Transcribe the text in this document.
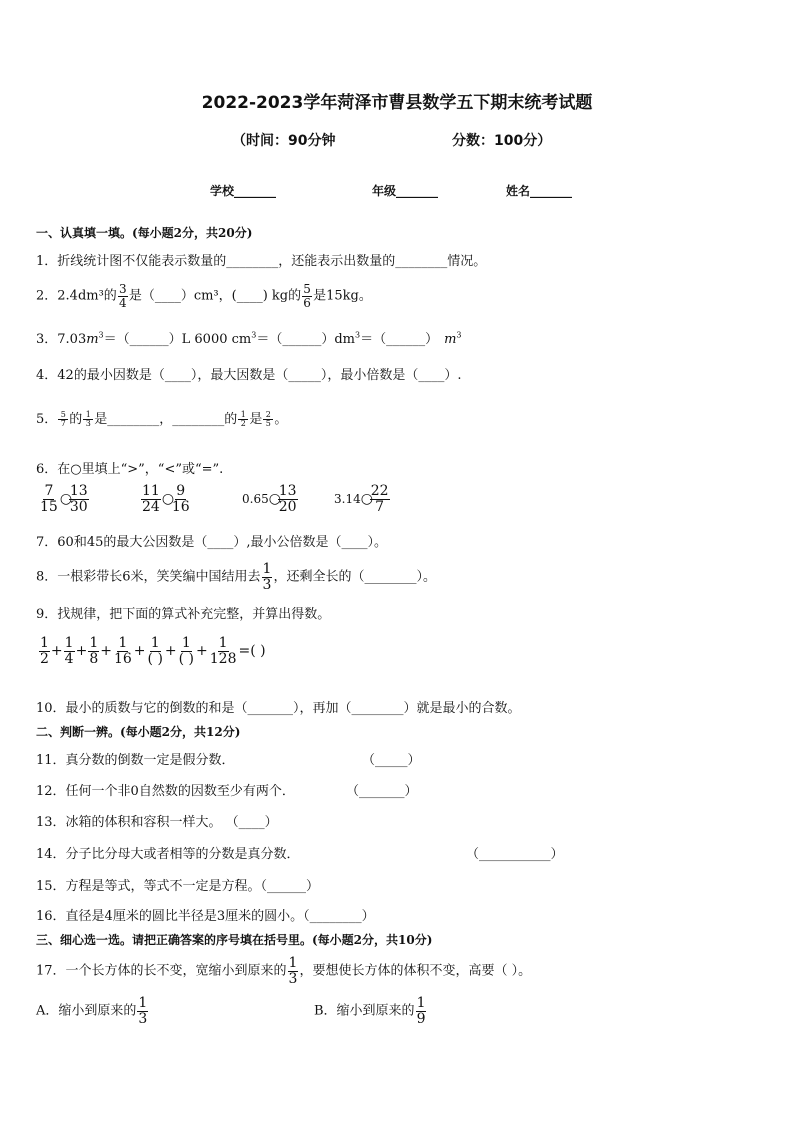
2022-2023学年菏泽市曹县数学五下期末统考试题
（时间：90分钟	分数：100分）
学校_______	年级_______	姓名_______
一、认真填一填。(每小题2分，共20分)
1．折线统计图不仅能表示数量的________，还能表示出数量的________情况。
2．2.4dm³的 $\frac{3}{4}$ 是（____）cm³，(____) kg的 $\frac{5}{6}$ 是15kg。
3．$7.03m^3=(\_\_\_\_\_\_)L$ 6000 $cm^3=(\_\_\_\_\_\_)dm^3=(\_\_\_\_\_\_)$ $m^3$
4．42的最小因数是（____），最大因数是（_____），最小倍数是（____）.
5． $\frac{5}{7}$ 的 $\frac{1}{3}$ 是________，________的 $\frac{1}{2}$ 是 $\frac{2}{5}$ 。
6．在○里填上“>”，“<”或“=”.
$\frac{7}{15}$ ○
$\frac{13}{30}$	$\frac{11}{24}$ ○
$\frac{9}{16}$	0.65○
$\frac{13}{20}$	3.14○
$\frac{22}{7}$
7．60和45的最大公因数是（____）,最小公倍数是（____）。
8．一根彩带长6米，笑笑编中国结用去 $\frac{1}{3}$ ，还剩全长的（________）。
9．找规律，把下面的算式补充完整，并算出得数。
$\frac{1}{2} + \frac{1}{4} + \frac{1}{8} + \frac{1}{16} + \frac{1}{( )} + \frac{1}{( )} + \frac{1}{128}$ =( )
10．最小的质数与它的倒数的和是（_______），再加（________）就是最小的合数。
二、判断一辨。(每小题2分，共12分)
11．真分数的倒数一定是假分数．	（_____）
12．任何一个非0自然数的因数至少有两个．	（_______）
13．冰箱的体积和容积一样大。 （____）
14．分子比分母大或者相等的分数是真分数．	（___________）
15．方程是等式，等式不一定是方程。（______）
16．直径是4厘米的圆比半径是3厘米的圆小。（________）
三、细心选一选。请把正确答案的序号填在括号里。(每小题2分，共10分)
17．一个长方体的长不变，宽缩小到原来的 $\frac{1}{3}$ ，要想使长方体的体积不变，高要（ ）。
A．缩小到原来的 $\frac{1}{3}$	B．缩小到原来的 $\frac{1}{9}$
